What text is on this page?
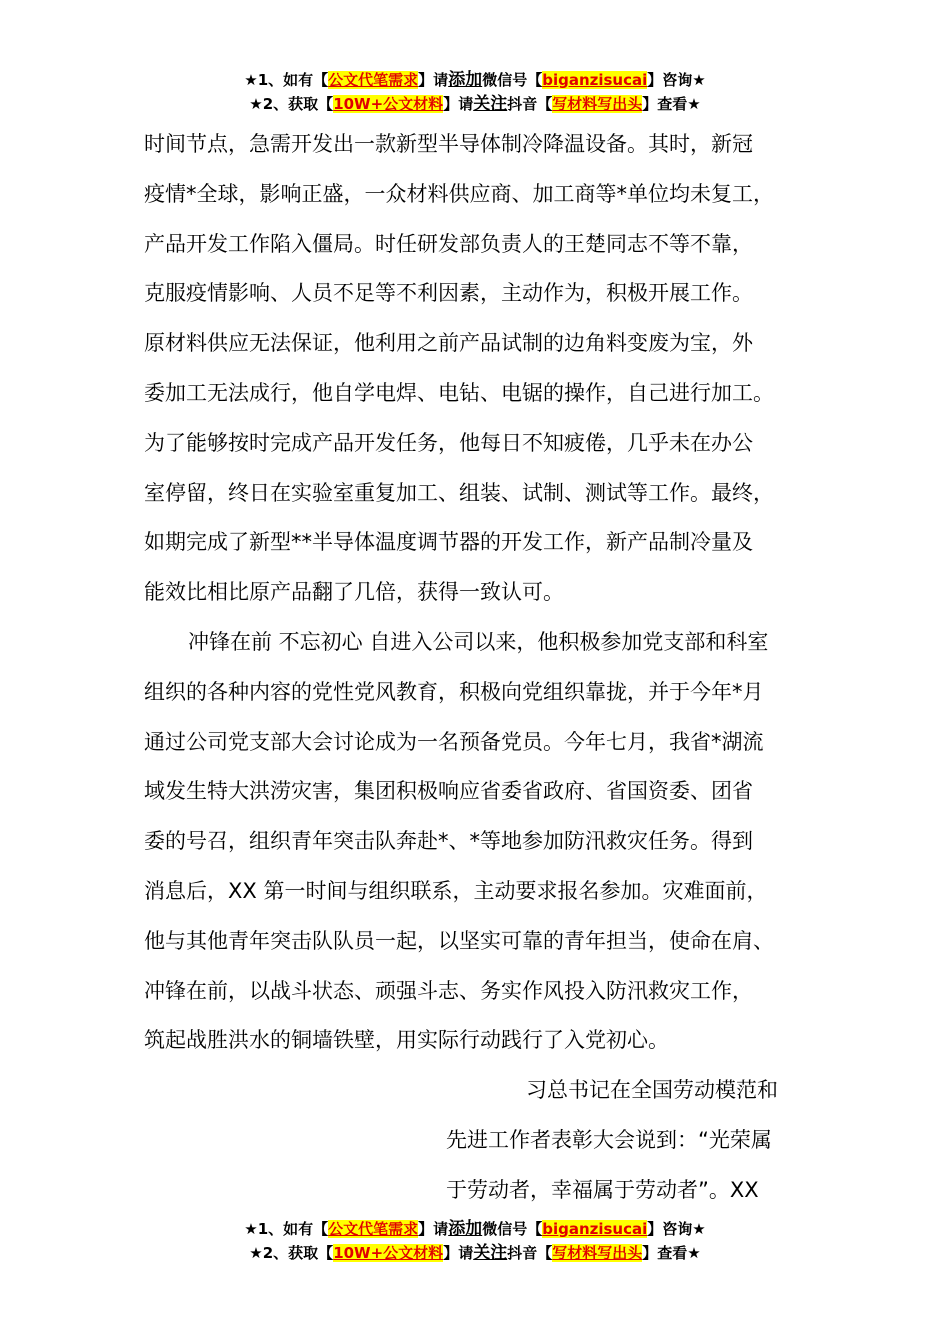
★1、如有【公文代笔需求】请添加微信号【biganzisucai】咨询★
★2、获取【10W+公文材料】请关注抖音【写材料写出头】查看★
时间节点，急需开发出一款新型半导体制冷降温设备。其时，新冠
疫情*全球，影响正盛，一众材料供应商、加工商等*单位均未复工，
产品开发工作陷入僵局。时任研发部负责人的王楚同志不等不靠，
克服疫情影响、人员不足等不利因素，主动作为，积极开展工作。
原材料供应无法保证，他利用之前产品试制的边角料变废为宝，外
委加工无法成行，他自学电焊、电钻、电锯的操作，自己进行加工。
为了能够按时完成产品开发任务，他每日不知疲倦，几乎未在办公
室停留，终日在实验室重复加工、组装、试制、测试等工作。最终，
如期完成了新型**半导体温度调节器的开发工作，新产品制冷量及
能效比相比原产品翻了几倍，获得一致认可。
冲锋在前 不忘初心 自进入公司以来，他积极参加党支部和科室
组织的各种内容的党性党风教育，积极向党组织靠拢，并于今年*月
通过公司党支部大会讨论成为一名预备党员。今年七月，我省*湖流
域发生特大洪涝灾害，集团积极响应省委省政府、省国资委、团省
委的号召，组织青年突击队奔赴*、*等地参加防汛救灾任务。得到
消息后，XX 第一时间与组织联系，主动要求报名参加。灾难面前，
他与其他青年突击队队员一起，以坚实可靠的青年担当，使命在肩、
冲锋在前，以战斗状态、顽强斗志、务实作风投入防汛救灾工作，
筑起战胜洪水的铜墙铁壁，用实际行动践行了入党初心。
习总书记在全国劳动模范和
先进工作者表彰大会说到：“光荣属
于劳动者，幸福属于劳动者”。XX
★1、如有【公文代笔需求】请添加微信号【biganzisucai】咨询★
★2、获取【10W+公文材料】请关注抖音【写材料写出头】查看★
